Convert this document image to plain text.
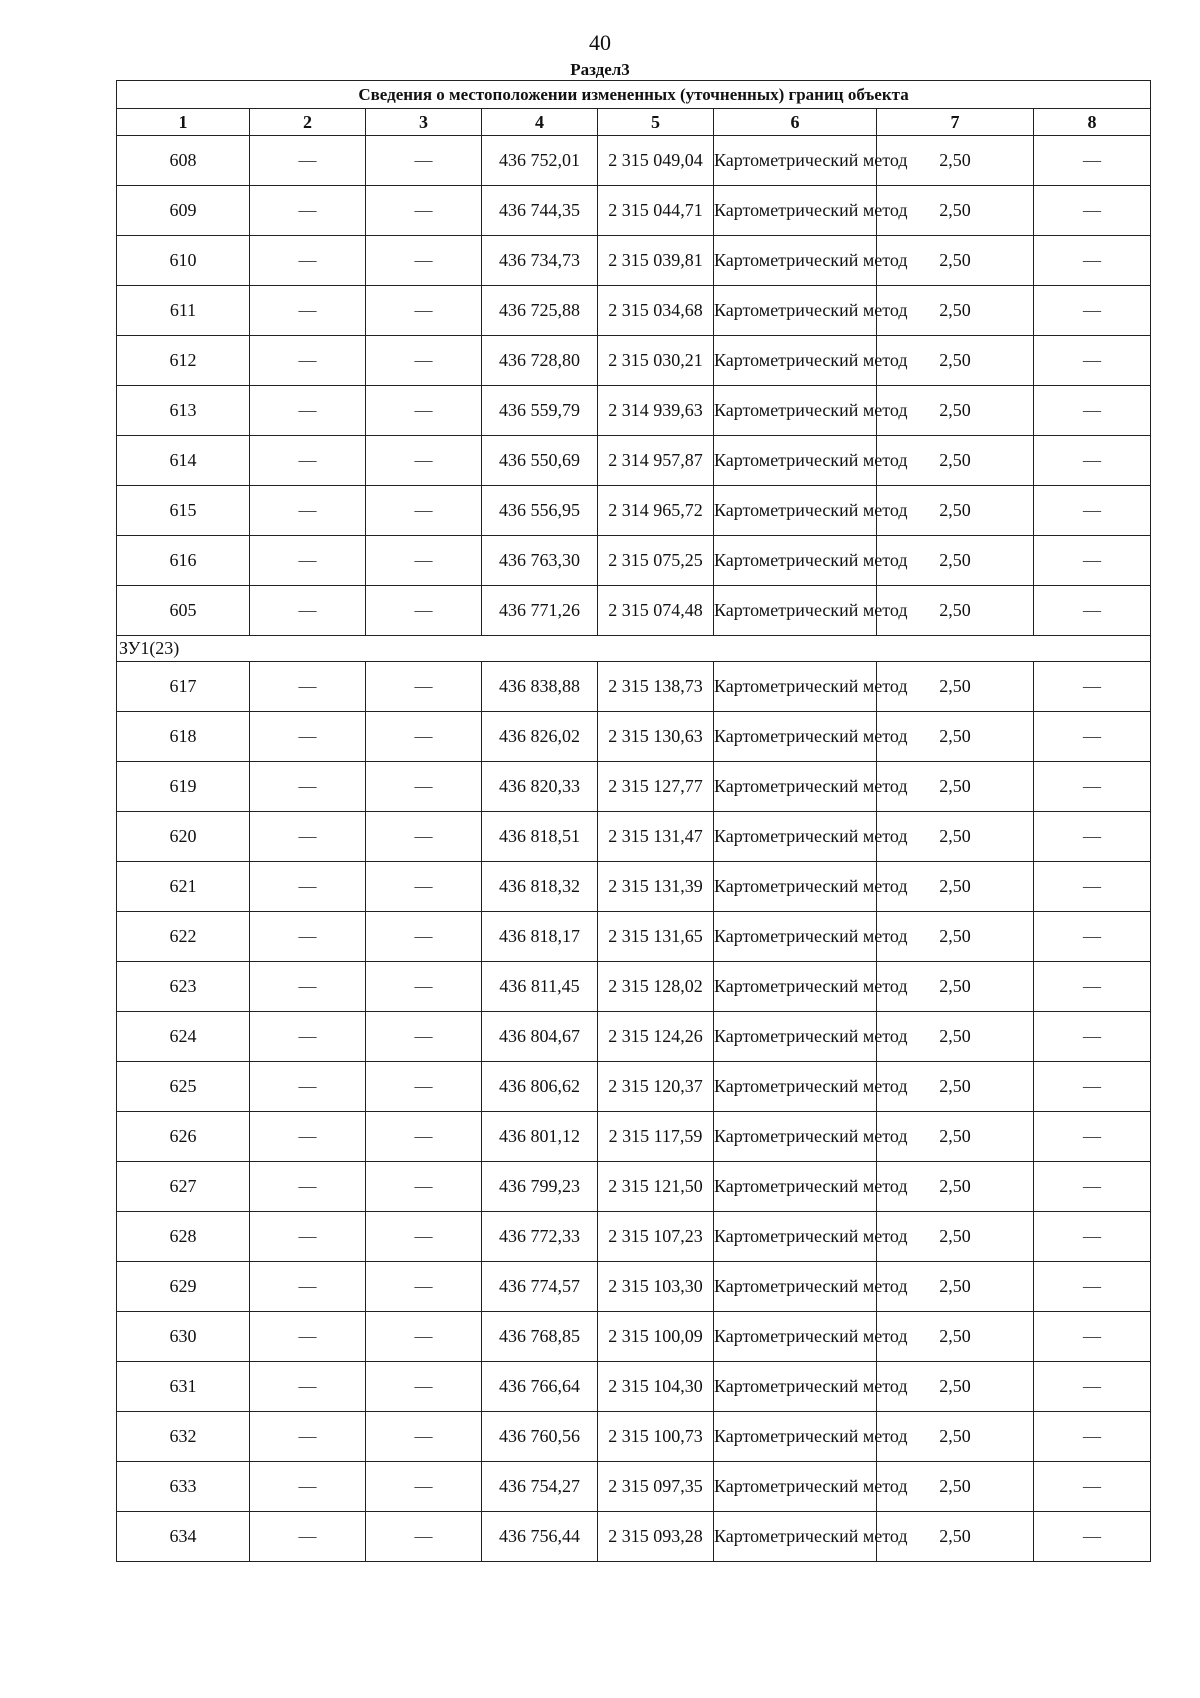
40
Раздел3
Сведения о местоположении измененных (уточненных) границ объекта							
1	2	3	4	5	6	7	8
608	—	—	436 752,01	2 315 049,04	Картометрический метод	2,50	—
609	—	—	436 744,35	2 315 044,71	Картометрический метод	2,50	—
610	—	—	436 734,73	2 315 039,81	Картометрический метод	2,50	—
611	—	—	436 725,88	2 315 034,68	Картометрический метод	2,50	—
612	—	—	436 728,80	2 315 030,21	Картометрический метод	2,50	—
613	—	—	436 559,79	2 314 939,63	Картометрический метод	2,50	—
614	—	—	436 550,69	2 314 957,87	Картометрический метод	2,50	—
615	—	—	436 556,95	2 314 965,72	Картометрический метод	2,50	—
616	—	—	436 763,30	2 315 075,25	Картометрический метод	2,50	—
605	—	—	436 771,26	2 315 074,48	Картометрический метод	2,50	—
ЗУ1(23)							
617	—	—	436 838,88	2 315 138,73	Картометрический метод	2,50	—
618	—	—	436 826,02	2 315 130,63	Картометрический метод	2,50	—
619	—	—	436 820,33	2 315 127,77	Картометрический метод	2,50	—
620	—	—	436 818,51	2 315 131,47	Картометрический метод	2,50	—
621	—	—	436 818,32	2 315 131,39	Картометрический метод	2,50	—
622	—	—	436 818,17	2 315 131,65	Картометрический метод	2,50	—
623	—	—	436 811,45	2 315 128,02	Картометрический метод	2,50	—
624	—	—	436 804,67	2 315 124,26	Картометрический метод	2,50	—
625	—	—	436 806,62	2 315 120,37	Картометрический метод	2,50	—
626	—	—	436 801,12	2 315 117,59	Картометрический метод	2,50	—
627	—	—	436 799,23	2 315 121,50	Картометрический метод	2,50	—
628	—	—	436 772,33	2 315 107,23	Картометрический метод	2,50	—
629	—	—	436 774,57	2 315 103,30	Картометрический метод	2,50	—
630	—	—	436 768,85	2 315 100,09	Картометрический метод	2,50	—
631	—	—	436 766,64	2 315 104,30	Картометрический метод	2,50	—
632	—	—	436 760,56	2 315 100,73	Картометрический метод	2,50	—
633	—	—	436 754,27	2 315 097,35	Картометрический метод	2,50	—
634	—	—	436 756,44	2 315 093,28	Картометрический метод	2,50	—
